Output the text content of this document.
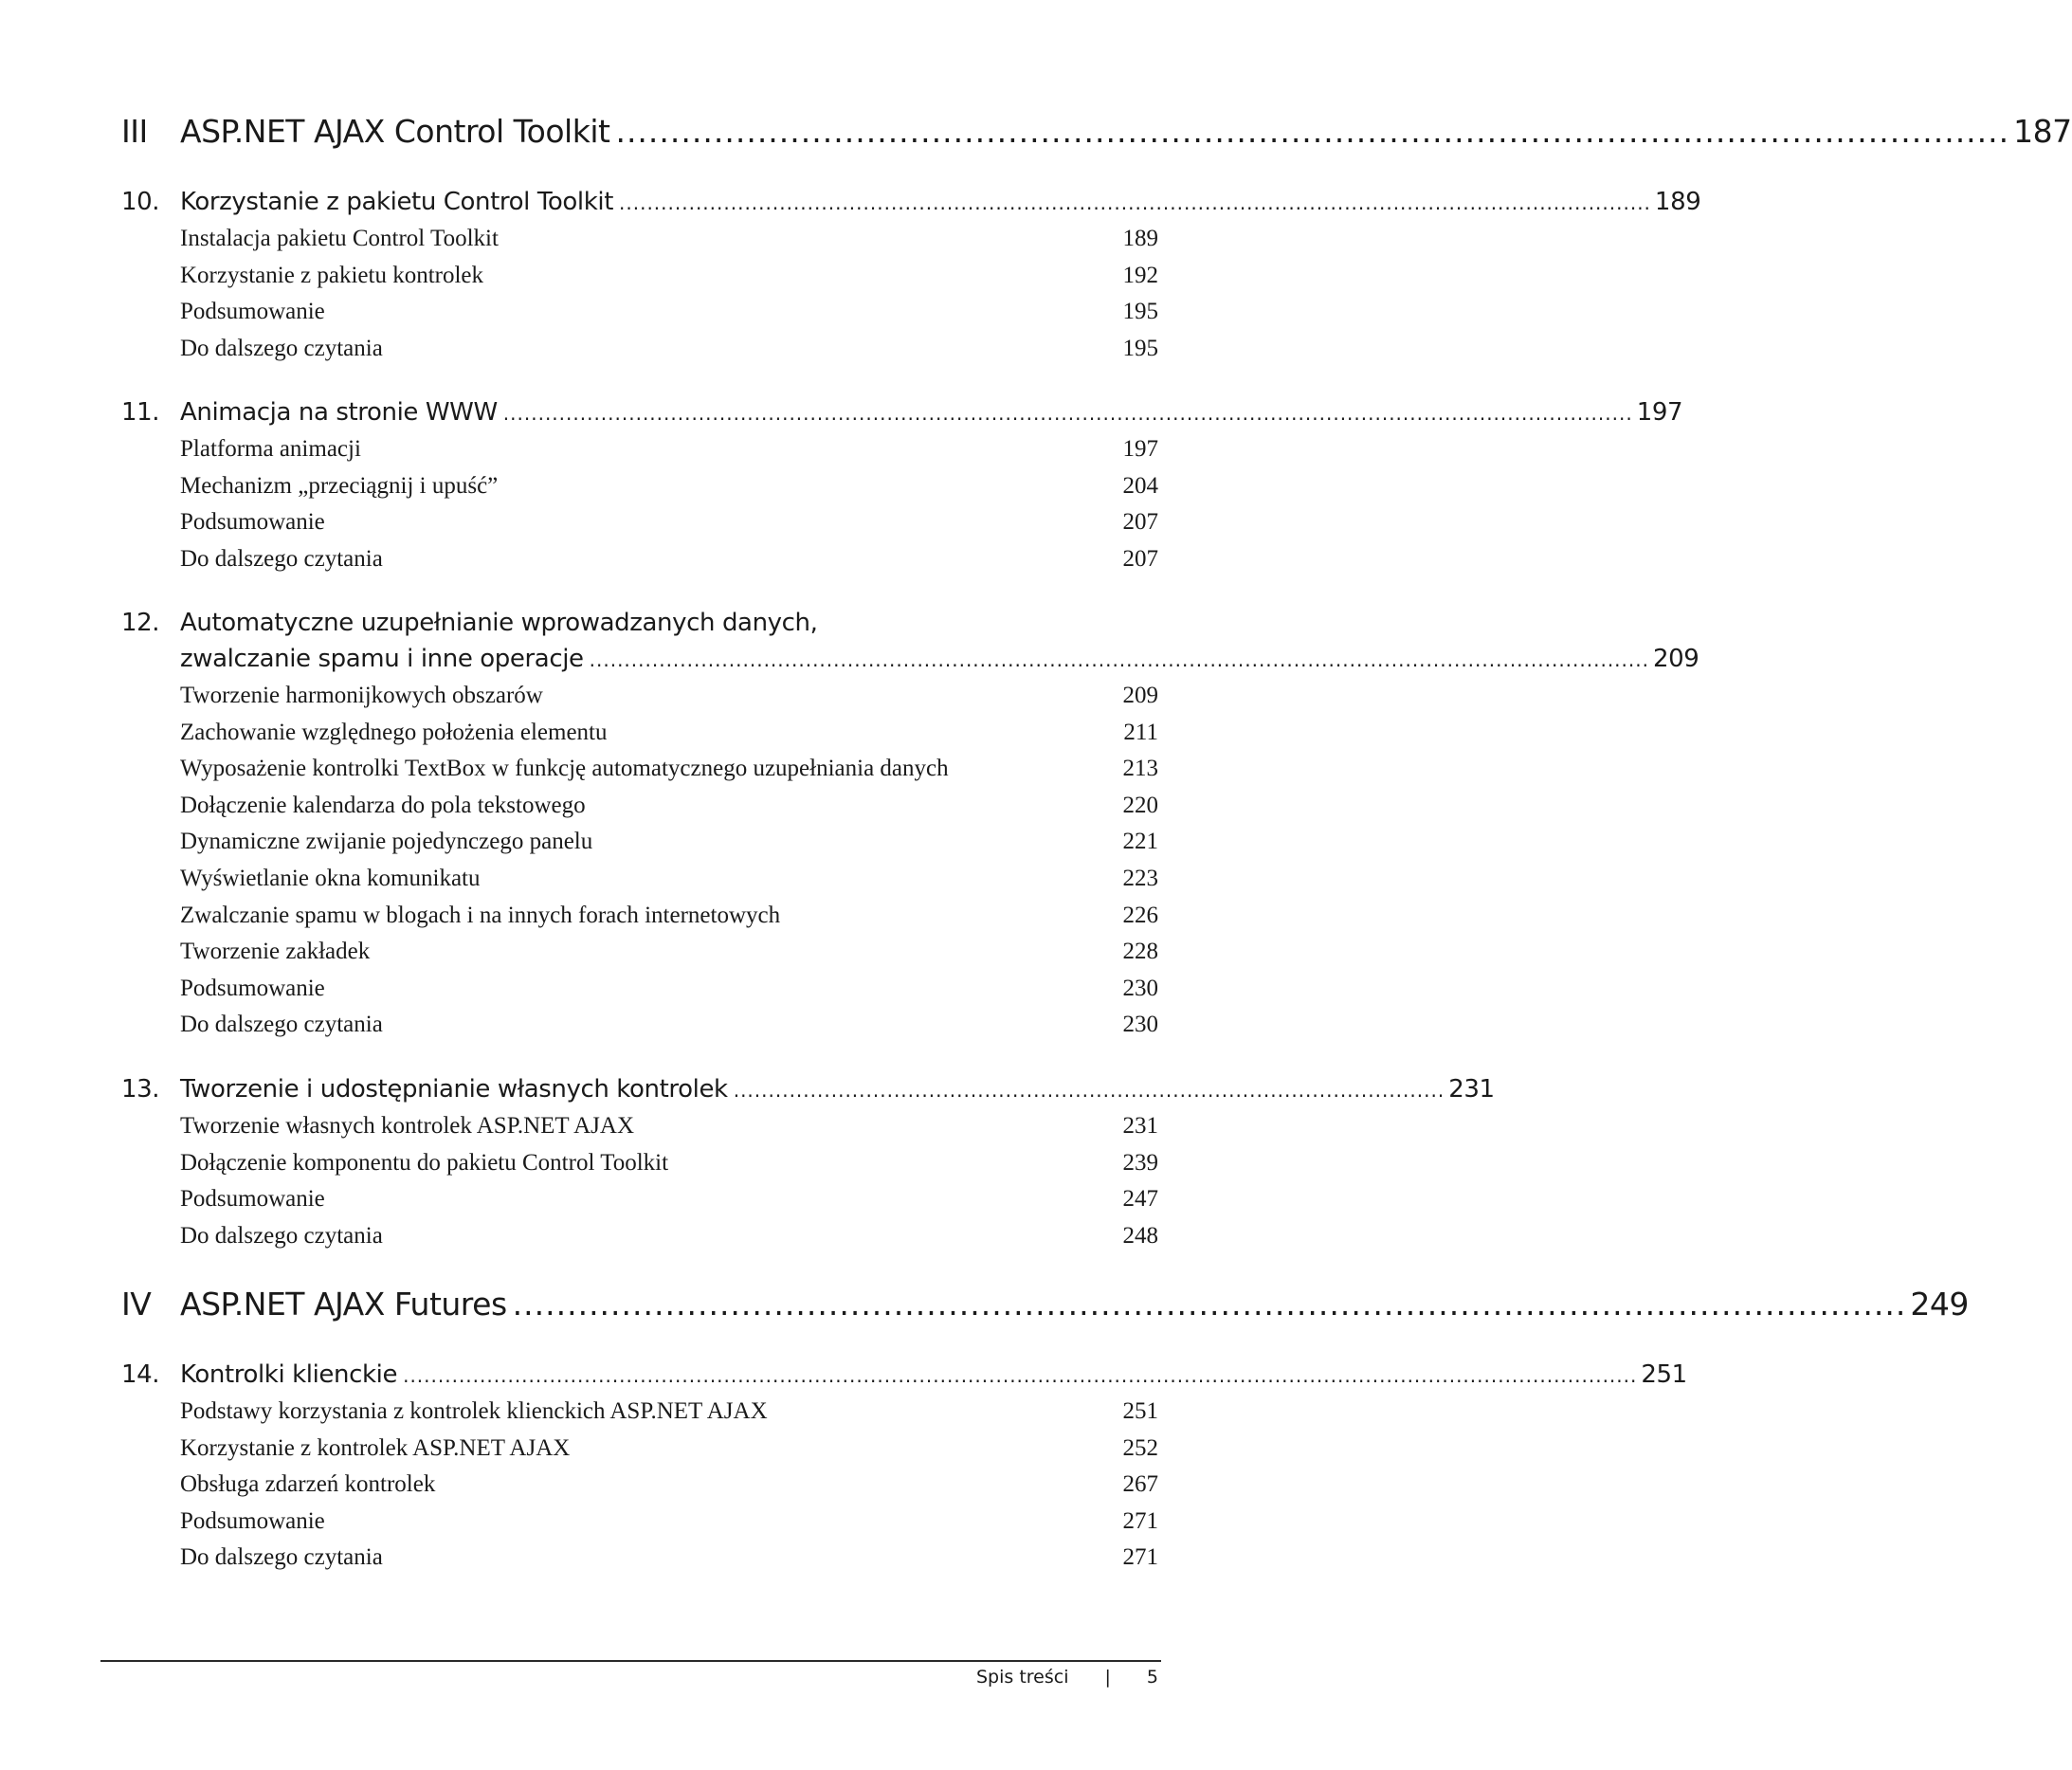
III	ASP.NET AJAX Control Toolkit ................................................................................................................................ 187
10. Korzystanie z pakietu Control Toolkit .................................................................................................................................................... 189
Instalacja pakietu Control Toolkit	189
Korzystanie z pakietu kontrolek	192
Podsumowanie	195
Do dalszego czytania	195
11. Animacja na stronie WWW .................................................................................................................................................................. 197
Platforma animacji	197
Mechanizm „przeciągnij i upuść”	204
Podsumowanie	207
Do dalszego czytania	207
12. Automatyczne uzupełnianie wprowadzanych danych,
zwalczanie spamu i inne operacje ........................................................................................................................................................ 209
Tworzenie harmonijkowych obszarów	209
Zachowanie względnego położenia elementu	211
Wyposażenie kontrolki TextBox w funkcję automatycznego uzupełniania danych	213
Dołączenie kalendarza do pola tekstowego	220
Dynamiczne zwijanie pojedynczego panelu	221
Wyświetlanie okna komunikatu	223
Zwalczanie spamu w blogach i na innych forach internetowych	226
Tworzenie zakładek	228
Podsumowanie	230
Do dalszego czytania	230
13. Tworzenie i udostępnianie własnych kontrolek ...................................................................................................... 231
Tworzenie własnych kontrolek ASP.NET AJAX	231
Dołączenie komponentu do pakietu Control Toolkit	239
Podsumowanie	247
Do dalszego czytania	248
IV ASP.NET AJAX Futures ................................................................................................................................ 249
14. Kontrolki klienckie ................................................................................................................................................................................. 251
Podstawy korzystania z kontrolek klienckich ASP.NET AJAX	251
Korzystanie z kontrolek ASP.NET AJAX	252
Obsługa zdarzeń kontrolek	267
Podsumowanie	271
Do dalszego czytania	271
Spis treści | 5
